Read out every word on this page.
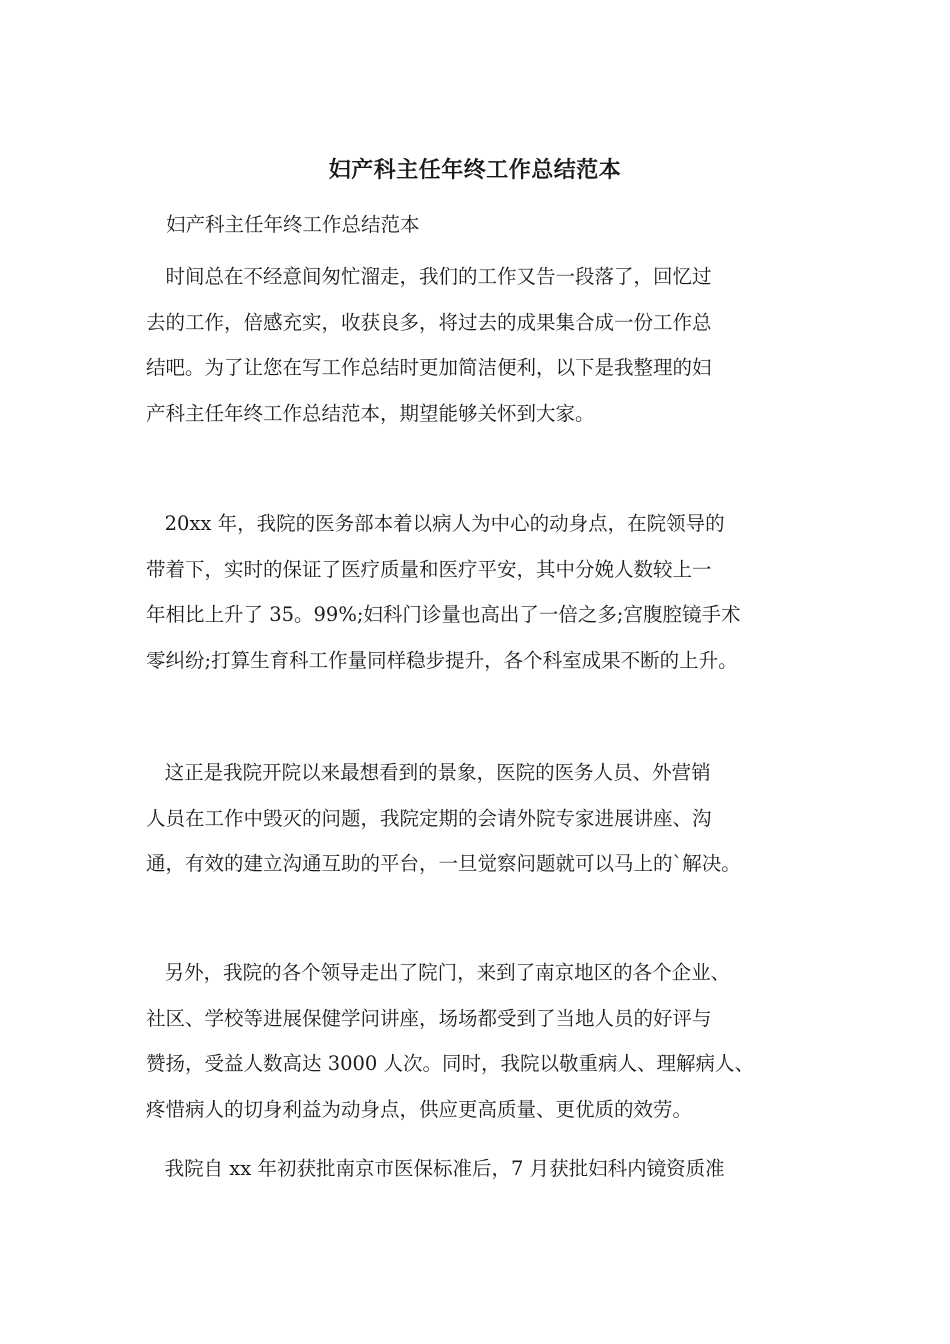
妇产科主任年终工作总结范本
妇产科主任年终工作总结范本

　时间总在不经意间匆忙溜走，我们的工作又告一段落了，回忆过
去的工作，倍感充实，收获良多，将过去的成果集合成一份工作总
结吧。为了让您在写工作总结时更加简洁便利，以下是我整理的妇
产科主任年终工作总结范本，期望能够关怀到大家。

20xx 年，我院的医务部本着以病人为中心的动身点，在院领导的
带着下，实时的保证了医疗质量和医疗平安，其中分娩人数较上一
年相比上升了 35。99%;妇科门诊量也高出了一倍之多;宫腹腔镜手术
零纠纷;打算生育科工作量同样稳步提升，各个科室成果不断的上升。

这正是我院开院以来最想看到的景象，医院的医务人员、外营销
人员在工作中毁灭的问题，我院定期的会请外院专家进展讲座、沟
通，有效的建立沟通互助的平台，一旦觉察问题就可以马上的`解决。

另外，我院的各个领导走出了院门，来到了南京地区的各个企业、
社区、学校等进展保健学问讲座，场场都受到了当地人员的好评与
赞扬，受益人数高达 3000 人次。同时，我院以敬重病人、理解病人、
疼惜病人的切身利益为动身点，供应更高质量、更优质的效劳。

我院自 xx 年初获批南京市医保标准后，7 月获批妇科内镜资质准
